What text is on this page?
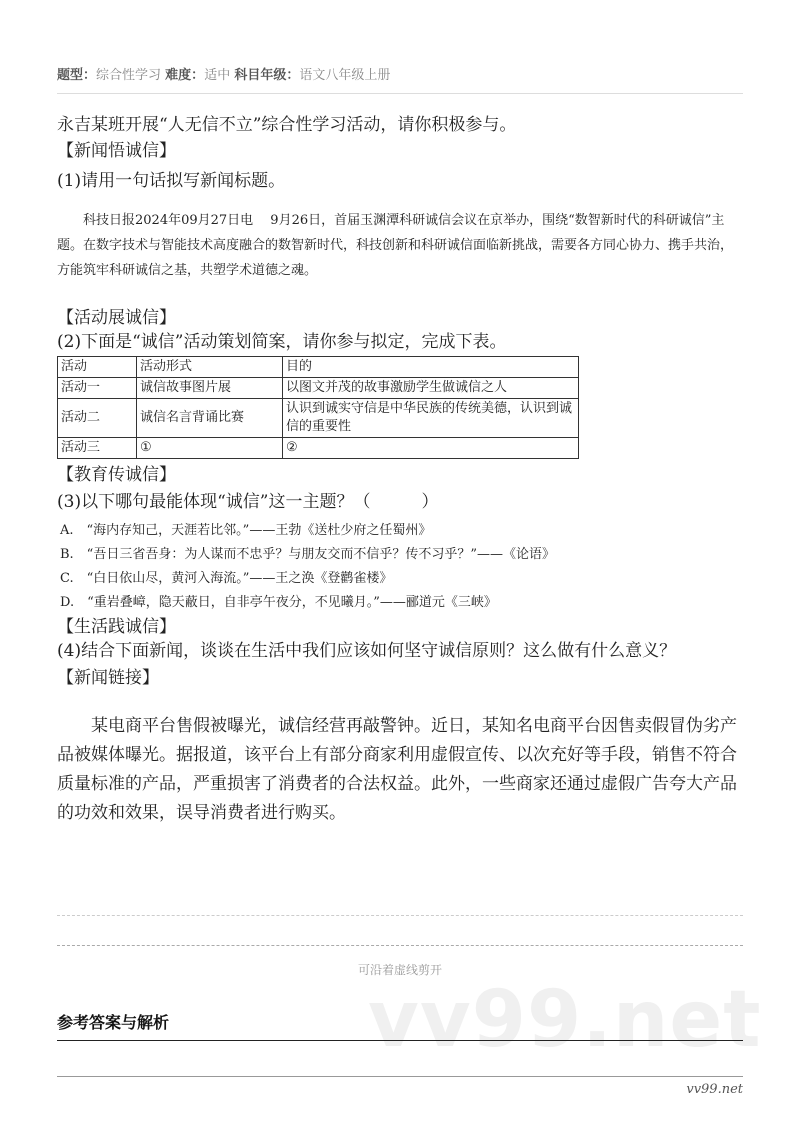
题型：综合性学习 难度：适中 科目年级：语文八年级上册
永吉某班开展“人无信不立”综合性学习活动，请你积极参与。
【新闻悟诚信】
(1)请用一句话拟写新闻标题。
科技日报2024年09月27日电　 9月26日，首届玉渊潭科研诚信会议在京举办，围绕“数智新时代的科研诚信”主题。在数字技术与智能技术高度融合的数智新时代，科技创新和科研诚信面临新挑战，需要各方同心协力、携手共治，方能筑牢科研诚信之基，共塑学术道德之魂。
【活动展诚信】
(2)下面是“诚信”活动策划简案，请你参与拟定，完成下表。
活动	活动形式	目的
活动一	诚信故事图片展	以图文并茂的故事激励学生做诚信之人
活动二	诚信名言背诵比赛	认识到诚实守信是中华民族的传统美德，认识到诚信的重要性
活动三	①	②
【教育传诚信】
(3)以下哪句最能体现“诚信”这一主题？（　　　）
A.　“海内存知己，天涯若比邻。”——王勃《送杜少府之任蜀州》
B.　“吾日三省吾身：为人谋而不忠乎？与朋友交而不信乎？传不习乎？”——《论语》
C.　“白日依山尽，黄河入海流。”——王之涣《登鹳雀楼》
D.　“重岩叠嶂，隐天蔽日，自非亭午夜分，不见曦月。”——郦道元《三峡》
【生活践诚信】
(4)结合下面新闻，谈谈在生活中我们应该如何坚守诚信原则？这么做有什么意义？
【新闻链接】
某电商平台售假被曝光，诚信经营再敲警钟。近日，某知名电商平台因售卖假冒伪劣产品被媒体曝光。据报道，该平台上有部分商家利用虚假宣传、以次充好等手段，销售不符合质量标准的产品，严重损害了消费者的合法权益。此外，一些商家还通过虚假广告夸大产品的功效和效果，误导消费者进行购买。
可沿着虚线剪开
vv99.net
参考答案与解析
vv99.net
